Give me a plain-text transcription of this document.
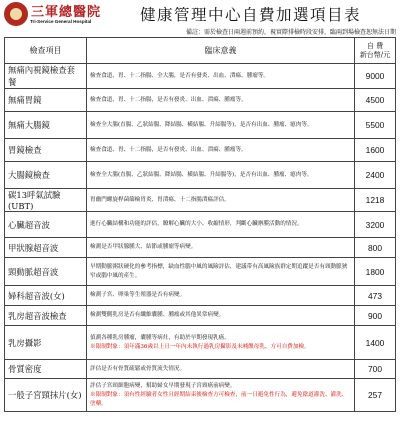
三軍總醫院
Tri-Service General Hospital	健康管理中心自費加選項目表
備註：需於檢查日兩週前預約，視實際排檢時段安排，臨兩到場檢查恕無法日期
檢查項目	臨床意義	自 費
新台幣/元
無痛內視鏡檢查套餐	檢查食道、胃、十二指腸、全大腸，是否有發炎、出血、潰瘍、腫瘤等。	9000
無痛胃鏡	檢查食道、胃、十二指腸，是否有發炎、出血、潰瘍、腫瘤等。	4500
無痛大腸鏡	檢查全大腸(直腸、乙狀結腸、降結腸、橫結腸、升結腸等)，是否有出血、腫瘤、瘜肉等。	5500
胃鏡檢查	檢查食道、胃、十二指腸，是否有發炎、出血、潰瘍、腫瘤等。	1600
大腸鏡檢查	檢查全大腸(直腸、乙狀結腸、降結腸、橫結腸、升結腸等)，是否有出血、腫瘤、瘜肉等。	2400
碳13呼氣試驗(UBT)	胃幽門螺旋桿菌篩檢胃炎、胃潰瘍、十二指腸潰瘍評估。	1218
心臟超音波	進行心臟結構和功能的評估，瞭解心臟的大小、收縮情形，判斷心臟辦膜活動的情況。	3200
甲狀腺超音波	檢測是否甲狀腺腫大、結節或腫瘤等病變。	800
頸動脈超音波	早期動脈粥狀硬化的參考指標，缺血性腦中風的風險評估，建議带有高風險族群定期追蹤是否有頸動脈狹窄或腦中風的產生。	1800
婦科超音波(女)	檢測子宮、卵巢等生殖器是否有病變。	473
乳房超音波檢查	檢測雙側乳房是否有纖維囊腫、腫瘤或其他異常病變。	900
乳房攝影	偵測各種乳房腫瘤，囊腫等病灶，有助於早期發現乳癌。
※限制對象：須年滿36歲以上且一年內未執行過乳房攝影及未哺餵母乳、方可自費加檢。	1400
骨質密度	評估是否有骨質疏鬆或骨質流失情況。	700
一般子宮頸抹片(女)	評估子宮頸細胞病變，幫助婦女早期發現子宮頸癌前病變。
※限制對象：須有性經驗者女性且經期結束後檢查方可檢查，前一日避免性行為，避免陰道灌洗、灌洗、塗藥。	257
